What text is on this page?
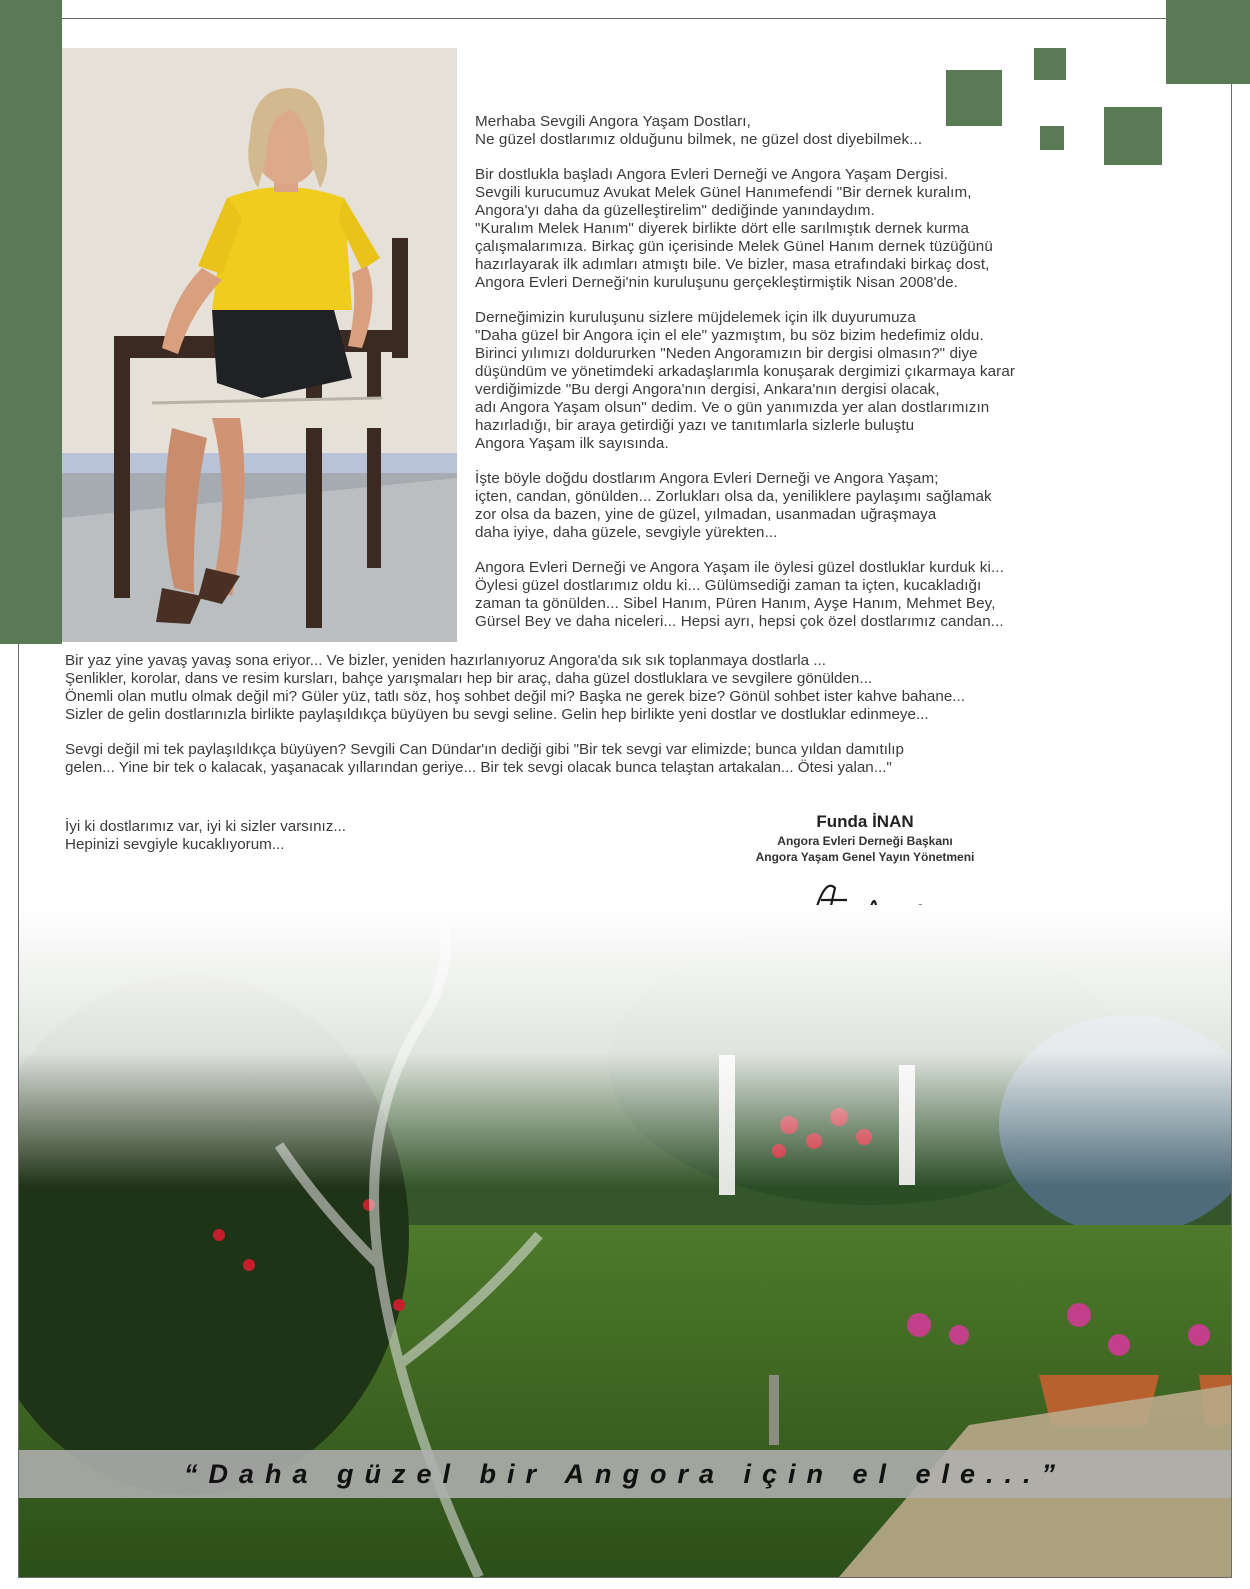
Merhaba Sevgili Angora Yaşam Dostları,
Ne güzel dostlarımız olduğunu bilmek, ne güzel dost diyebilmek...

Bir dostlukla başladı Angora Evleri Derneği ve Angora Yaşam Dergisi.
Sevgili kurucumuz Avukat Melek Günel Hanımefendi "Bir dernek kuralım,
Angora'yı daha da güzelleştirelim" dediğinde yanındaydım.
"Kuralım Melek Hanım" diyerek birlikte dört elle sarılmıştık dernek kurma
çalışmalarımıza. Birkaç gün içerisinde Melek Günel Hanım dernek tüzüğünü
hazırlayarak ilk adımları atmıştı bile. Ve bizler, masa etrafındaki birkaç dost,
Angora Evleri Derneği'nin kuruluşunu gerçekleştirmiştik Nisan 2008'de.

Derneğimizin kuruluşunu sizlere müjdelemek için ilk duyurumuza
"Daha güzel bir Angora için el ele" yazmıştım, bu söz bizim hedefimiz oldu.
Birinci yılımızı doldururken "Neden Angoramızın bir dergisi olmasın?" diye
düşündüm ve yönetimdeki arkadaşlarımla konuşarak dergimizi çıkarmaya karar
verdiğimizde "Bu dergi Angora'nın dergisi, Ankara'nın dergisi olacak,
adı Angora Yaşam olsun" dedim. Ve o gün yanımızda yer alan dostlarımızın
hazırladığı, bir araya getirdiği yazı ve tanıtımlarla sizlerle buluştu
Angora Yaşam ilk sayısında.

İşte böyle doğdu dostlarım Angora Evleri Derneği ve Angora Yaşam;
içten, candan, gönülden... Zorlukları olsa da, yeniliklere paylaşımı sağlamak
zor olsa da bazen, yine de güzel, yılmadan, usanmadan uğraşmaya
daha iyiye, daha güzele, sevgiyle yürekten...

Angora Evleri Derneği ve Angora Yaşam ile öylesi güzel dostluklar kurduk ki...
Öylesi güzel dostlarımız oldu ki... Gülümsediği zaman ta içten, kucakladığı
zaman ta gönülden... Sibel Hanım, Püren Hanım, Ayşe Hanım, Mehmet Bey,
Gürsel Bey ve daha niceleri... Hepsi ayrı, hepsi çok özel dostlarımız candan...

Bir yaz yine yavaş yavaş sona eriyor... Ve bizler, yeniden hazırlanıyoruz Angora'da sık sık toplanmaya dostlarla ...
Şenlikler, korolar, dans ve resim kursları, bahçe yarışmaları hep bir araç, daha güzel dostluklara ve sevgilere gönülden...
Önemli olan mutlu olmak değil mi? Güler yüz, tatlı söz, hoş sohbet değil mi? Başka ne gerek bize? Gönül sohbet ister kahve bahane...
Sizler de gelin dostlarınızla birlikte paylaşıldıkça büyüyen bu sevgi seline. Gelin hep birlikte yeni dostlar ve dostluklar edinmeye...

Sevgi değil mi tek paylaşıldıkça büyüyen? Sevgili Can Dündar'ın dediği gibi "Bir tek sevgi var elimizde; bunca yıldan damıtılıp
gelen... Yine bir tek o kalacak, yaşanacak yıllarından geriye... Bir tek sevgi olacak bunca telaştan artakalan... Ötesi yalan..."

İyi ki dostlarımız var, iyi ki sizler varsınız...
Hepinizi sevgiyle kucaklıyorum...
Funda İNAN
Angora Evleri Derneği Başkanı
Angora Yaşam Genel Yayın Yönetmeni
“Daha güzel bir Angora için el ele...”
